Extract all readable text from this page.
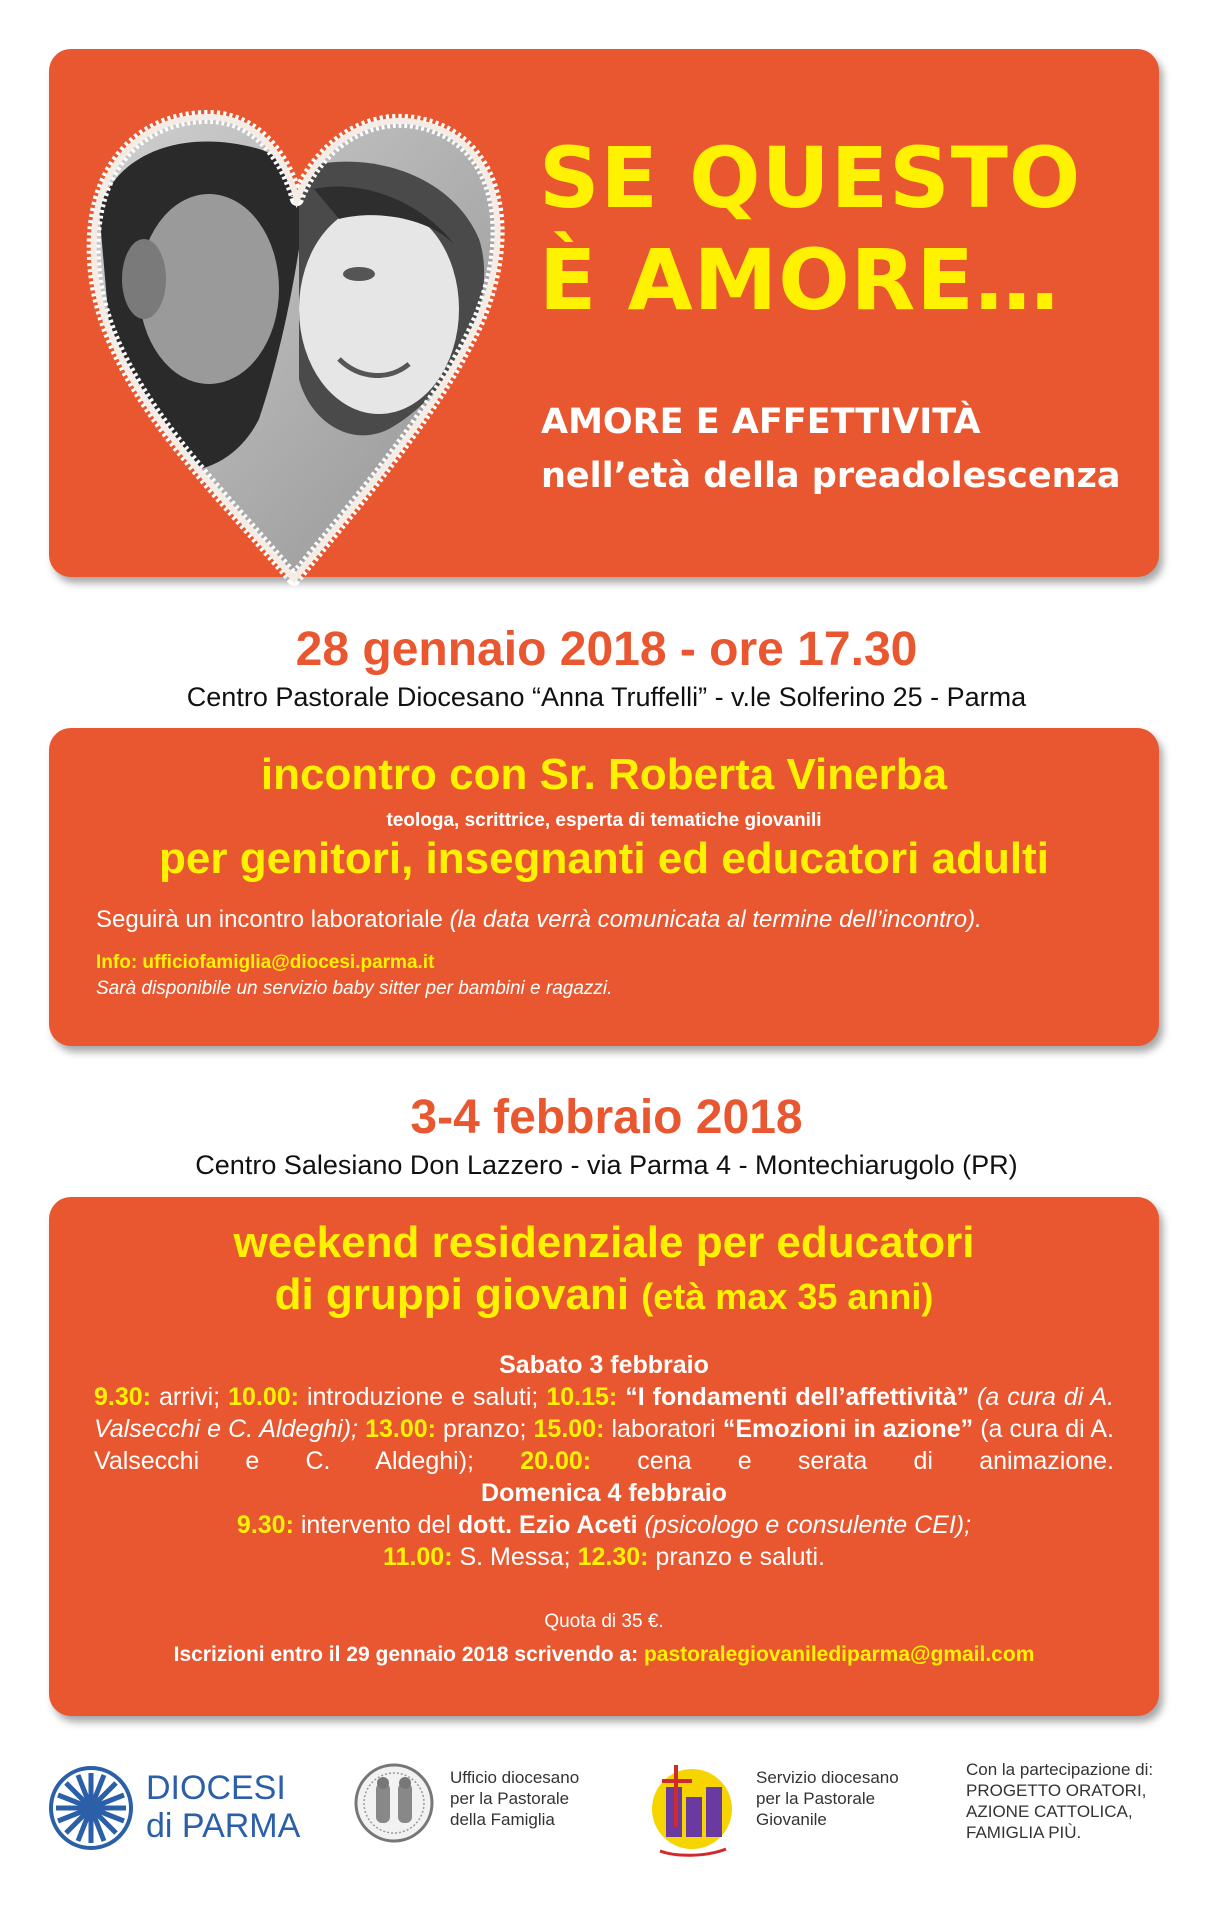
SE QUESTO
È AMORE…

AMORE E AFFETTIVITÀ
nell’età della preadolescenza

28 gennaio 2018 - ore 17.30

Centro Pastorale Diocesano “Anna Truffelli” - v.le Solferino 25 - Parma

incontro con Sr. Roberta Vinerba

teologa, scrittrice, esperta di tematiche giovanili

per genitori, insegnanti ed educatori adulti

Seguirà un incontro laboratoriale (la data verrà comunicata al termine dell’incontro).

Info: ufficiofamiglia@diocesi.parma.it

Sarà disponibile un servizio baby sitter per bambini e ragazzi.

3-4 febbraio 2018

Centro Salesiano Don Lazzero - via Parma 4 - Montechiarugolo (PR)

weekend residenziale per educatori
di gruppi giovani (età max 35 anni)

Sabato 3 febbraio

9.30: arrivi; 10.00: introduzione e saluti; 10.15: “I fondamenti dell’affettività” (a cura di A. Valsecchi e C. Aldeghi); 13.00: pranzo; 15.00: laboratori “Emozioni in azione” (a cura di A. Valsecchi e C. Aldeghi); 20.00: cena e serata di animazione.

Domenica 4 febbraio

9.30: intervento del dott. Ezio Aceti (psicologo e consulente CEI);
11.00: S. Messa; 12.30: pranzo e saluti.

Quota di 35 €.

Iscrizioni entro il 29 gennaio 2018 scrivendo a: pastoralegiovanilediparma@gmail.com

DIOCESI
di PARMA

Ufficio diocesano
per la Pastorale
della Famiglia

Servizio diocesano
per la Pastorale
Giovanile

Con la partecipazione di:
PROGETTO ORATORI,
AZIONE CATTOLICA,
FAMIGLIA PIÙ.
